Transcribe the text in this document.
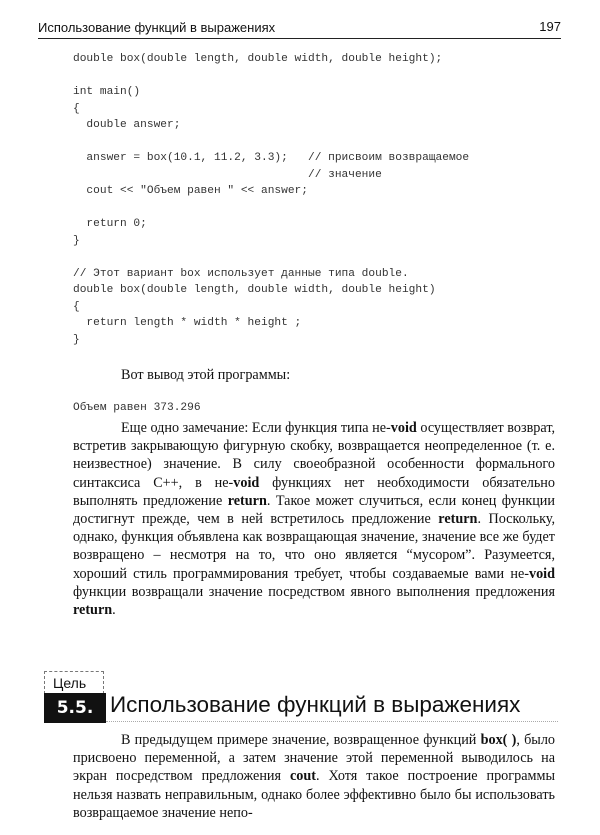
Использование функций в выражениях	197
double box(double length, double width, double height);

int main()
{
double answer;

answer = box(10.1, 11.2, 3.3);   // присвоим возвращаемое
// значение
cout << "Объем равен " << answer;

return 0;
}

// Этот вариант box использует данные типа double.
double box(double length, double width, double height)
{
return length * width * height ;
}
Вот вывод этой программы:
Объем равен 373.296

Еще одно замечание: Если функция типа не-void осуществляет возврат, встретив закрывающую фигурную скобку, возвращается неопределенное (т. е. неизвестное) значение. В силу своеобразной особенности формального синтаксиса C++, в не-void функциях нет необходимости обязательно выполнять предложение return. Такое может случиться, если конец функции достигнут прежде, чем в ней встретилось предложение return. Поскольку, однако, функция объявлена как возвращающая значение, значение все же будет возвращено – несмотря на то, что оно является “мусором”. Разумеется, хороший стиль программирования требует, чтобы создаваемые вами не-void функции возвращали значение посредством явного выполнения предложения return.

Цель
5.5. Использование функций в выражениях

В предыдущем примере значение, возвращенное функций box( ), было присвоено переменной, а затем значение этой переменной выводилось на экран посредством предложения cout. Хотя такое построение программы нельзя назвать неправильным, однако более эффективно было бы использовать возвращаемое значение непо-
